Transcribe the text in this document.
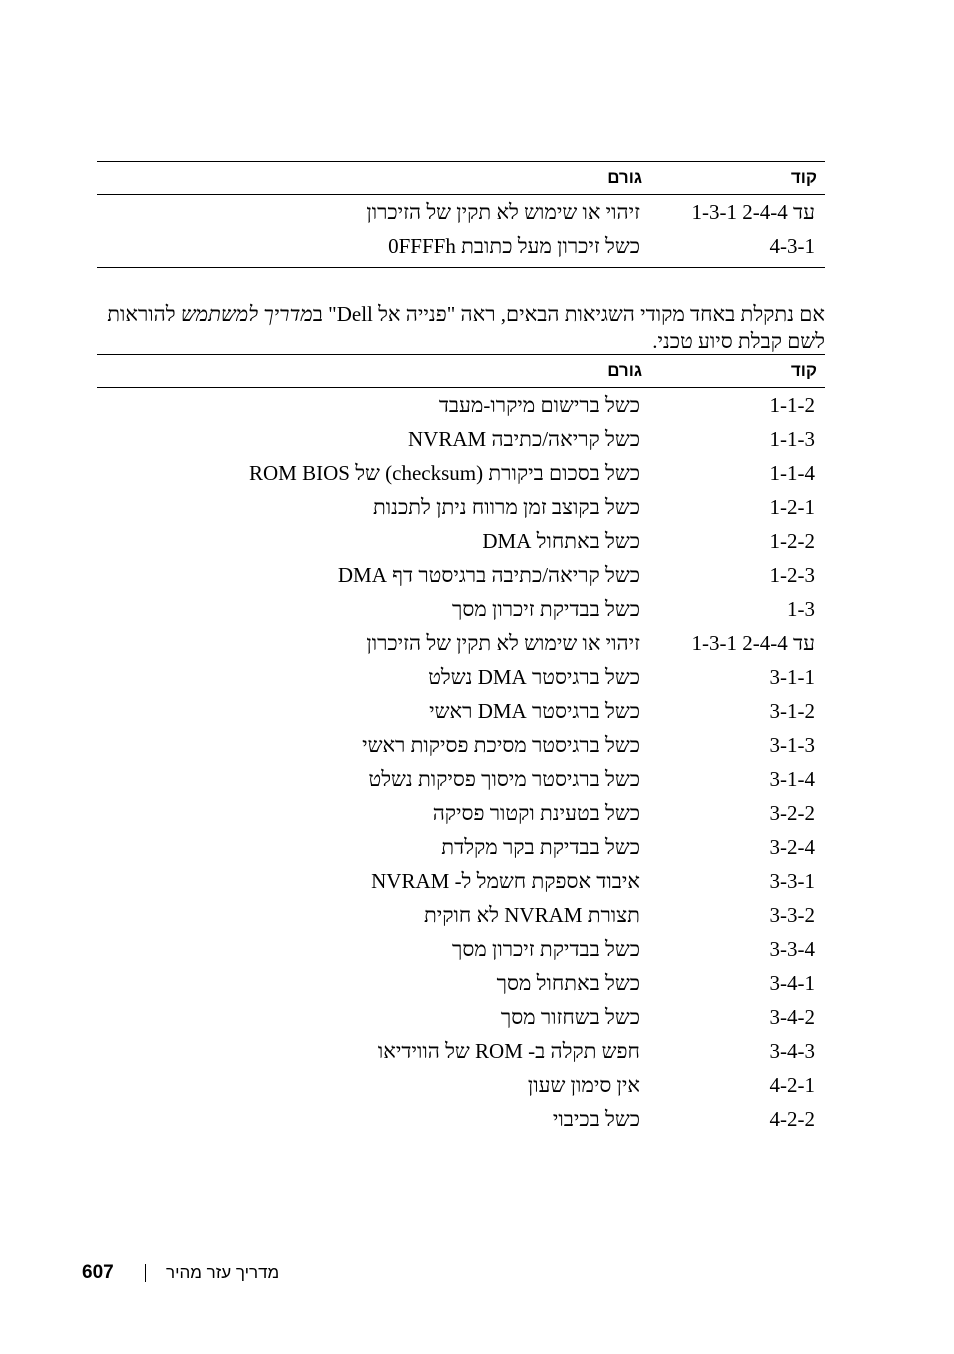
קוד	גורם
1-3-1 עד 2-4-4	זיהוי או שימוש לא תקין של הזיכרון
4-3-1	כשל זיכרון מעל כתובת 0FFFFh

אם נתקלת באחד מקודי השגיאות הבאים, ראה "פנייה אל Dell" במדריך למשתמש להוראות לשם קבלת סיוע טכני.

קוד	גורם
1-1-2	כשל ברישום מיקרו-מעבד
1-1-3	כשל קריאה/כתיבה NVRAM
1-1-4	כשל בסכום ביקורת (checksum) של ROM BIOS
1-2-1	כשל בקוצב זמן מרווח ניתן לתכנות
1-2-2	כשל באתחול DMA
1-2-3	כשל קריאה/כתיבה ברגיסטר דף DMA
1-3	כשל בבדיקת זיכרון מסך
1-3-1 עד 2-4-4	זיהוי או שימוש לא תקין של הזיכרון
3-1-1	כשל ברגיסטר DMA נשלט
3-1-2	כשל ברגיסטר DMA ראשי
3-1-3	כשל ברגיסטר מסיכת פסיקות ראשי
3-1-4	כשל ברגיסטר מיסוך פסיקות נשלט
3-2-2	כשל בטעינת וקטור פסיקה
3-2-4	כשל בבדיקת בקר מקלדת
3-3-1	איבוד אספקת חשמל ל- NVRAM
3-3-2	תצורת NVRAM לא חוקית
3-3-4	כשל בבדיקת זיכרון מסך
3-4-1	כשל באתחול מסך
3-4-2	כשל בשחזור מסך
3-4-3	חפש תקלה ב- ROM של הווידיאו
4-2-1	אין סימון שעון
4-2-2	כשל בכיבוי
607	מדריך עזר מהיר
